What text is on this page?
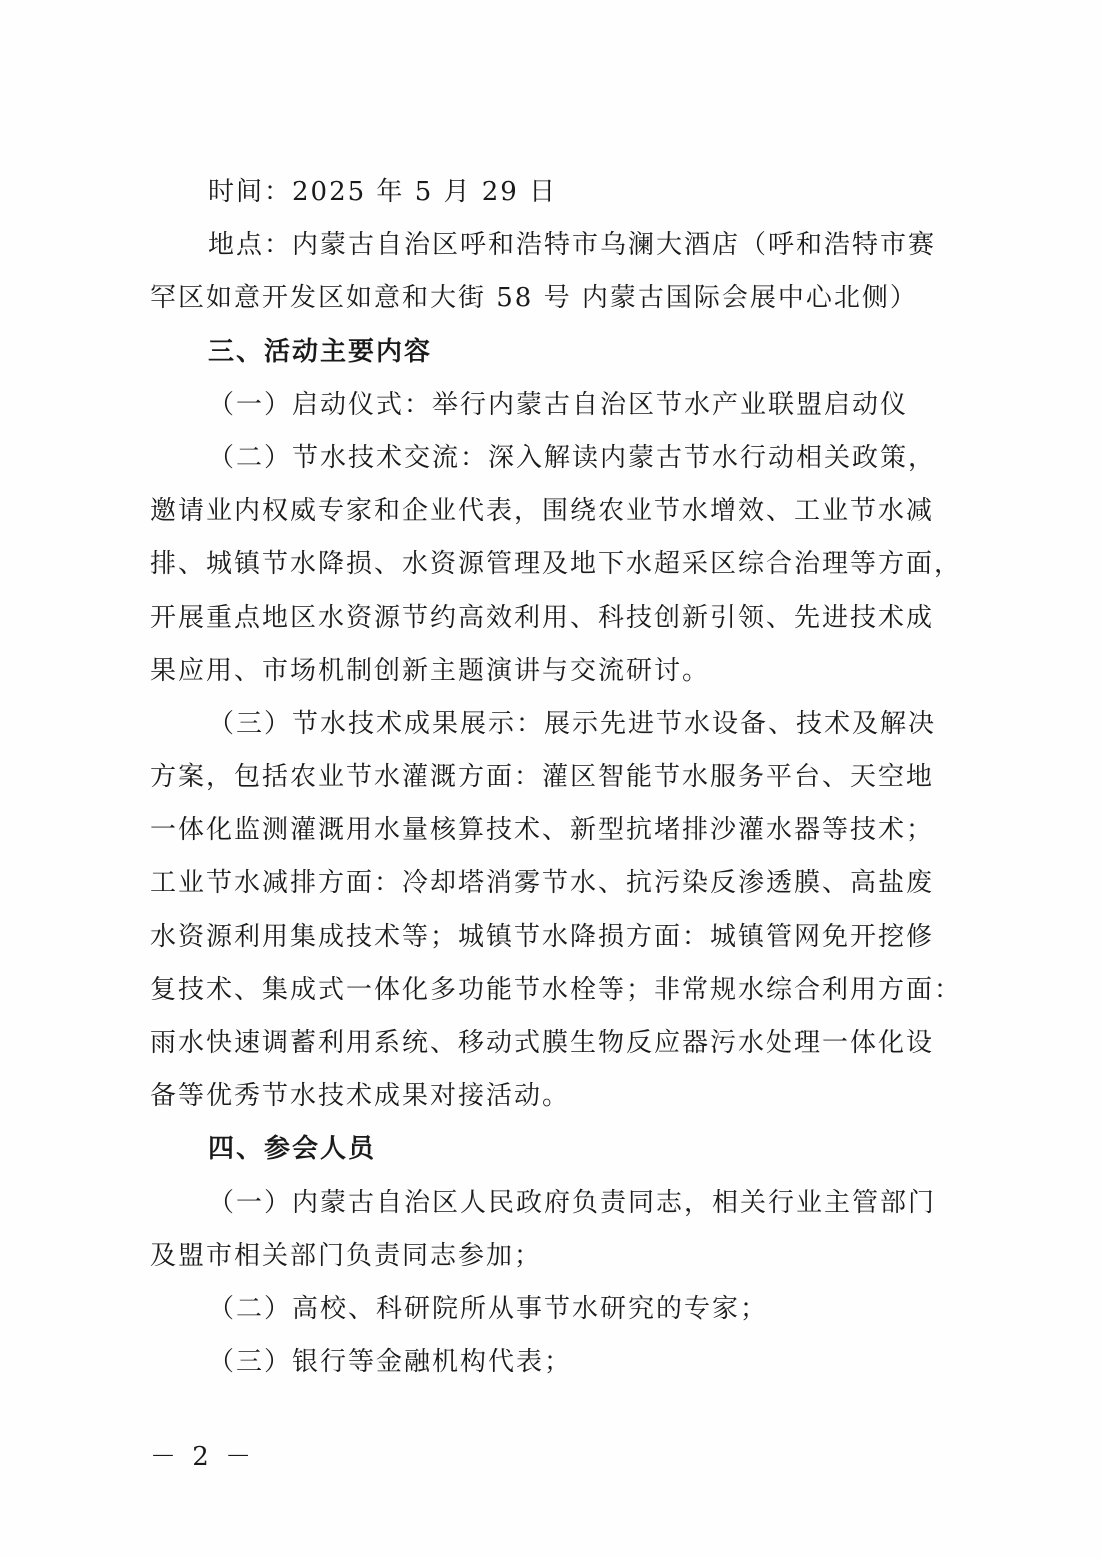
时间：2025 年 5 月 29 日
地点：内蒙古自治区呼和浩特市乌澜大酒店（呼和浩特市赛
罕区如意开发区如意和大街 58 号 内蒙古国际会展中心北侧）
三、活动主要内容
（一）启动仪式：举行内蒙古自治区节水产业联盟启动仪
（二）节水技术交流：深入解读内蒙古节水行动相关政策，
邀请业内权威专家和企业代表，围绕农业节水增效、工业节水减
排、城镇节水降损、水资源管理及地下水超采区综合治理等方面，
开展重点地区水资源节约高效利用、科技创新引领、先进技术成
果应用、市场机制创新主题演讲与交流研讨。
（三）节水技术成果展示：展示先进节水设备、技术及解决
方案，包括农业节水灌溉方面：灌区智能节水服务平台、天空地
一体化监测灌溉用水量核算技术、新型抗堵排沙灌水器等技术；
工业节水减排方面：冷却塔消雾节水、抗污染反渗透膜、高盐废
水资源利用集成技术等；城镇节水降损方面：城镇管网免开挖修
复技术、集成式一体化多功能节水栓等；非常规水综合利用方面：
雨水快速调蓄利用系统、移动式膜生物反应器污水处理一体化设
备等优秀节水技术成果对接活动。
四、参会人员
（一）内蒙古自治区人民政府负责同志，相关行业主管部门
及盟市相关部门负责同志参加；
（二）高校、科研院所从事节水研究的专家；
（三）银行等金融机构代表；
－ 2 －
